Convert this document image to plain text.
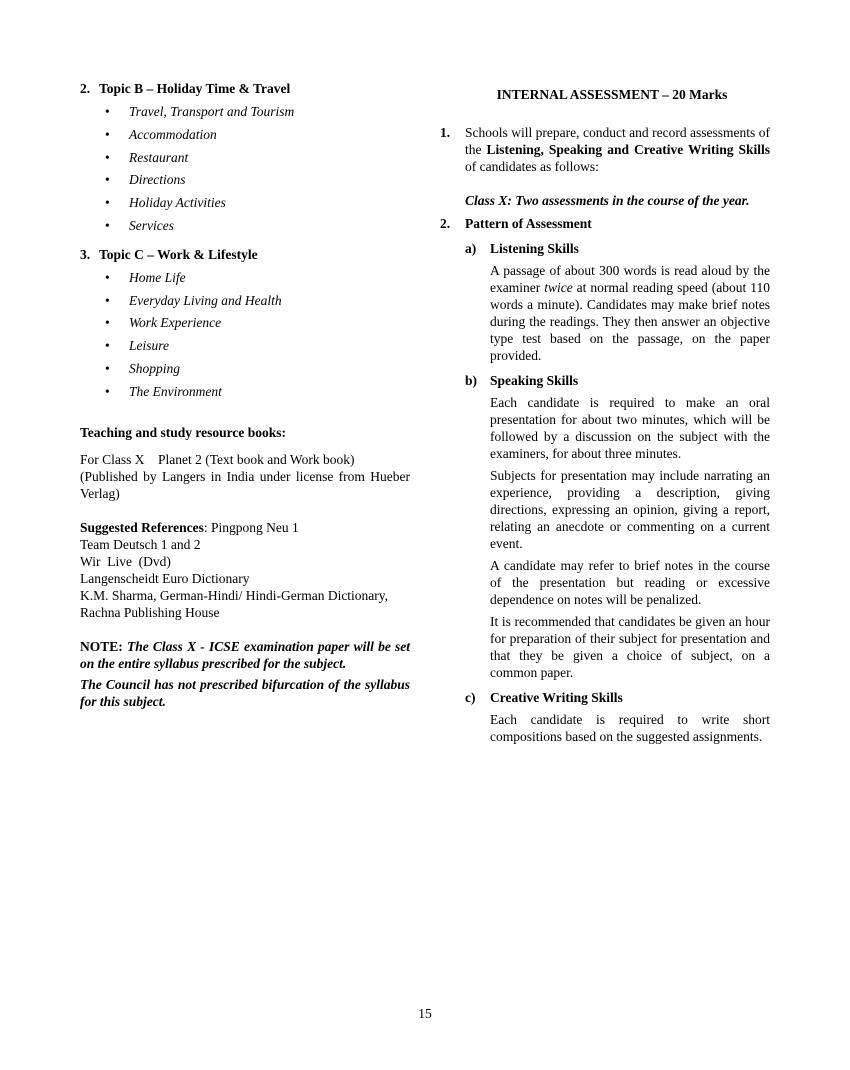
2. Topic B – Holiday Time & Travel
• Travel, Transport and Tourism
• Accommodation
• Restaurant
• Directions
• Holiday Activities
• Services
3. Topic C – Work & Lifestyle
• Home Life
• Everyday Living and Health
• Work Experience
• Leisure
• Shopping
• The Environment

Teaching and study resource books:

For Class X    Planet 2 (Text book and Work book)

(Published by Langers in India under license from Hueber Verlag)

Suggested References: Pingpong Neu 1

Team Deutsch 1 and 2

Wir  Live  (Dvd)

Langenscheidt Euro Dictionary

K.M. Sharma, German-Hindi/ Hindi-German Dictionary, Rachna Publishing House

NOTE: The Class X - ICSE examination paper will be set on the entire syllabus prescribed for the subject.

The Council has not prescribed bifurcation of the syllabus for this subject.

INTERNAL ASSESSMENT – 20 Marks
1. Schools will prepare, conduct and record assessments of the Listening, Speaking and Creative Writing Skills of candidates as follows:

Class X: Two assessments in the course of the year.

2. Pattern of Assessment
a) Listening Skills

A passage of about 300 words is read aloud by the examiner twice at normal reading speed (about 110 words a minute). Candidates may make brief notes during the readings. They then answer an objective type test based on the passage, on the paper provided.

b) Speaking Skills

Each candidate is required to make an oral presentation for about two minutes, which will be followed by a discussion on the subject with the examiners, for about three minutes.

Subjects for presentation may include narrating an experience, providing a description, giving directions, expressing an opinion, giving a report, relating an anecdote or commenting on a current event.

A candidate may refer to brief notes in the course of the presentation but reading or excessive dependence on notes will be penalized.

It is recommended that candidates be given an hour for preparation of their subject for presentation and that they be given a choice of subject, on a common paper.

c) Creative Writing Skills

Each candidate is required to write short compositions based on the suggested assignments.

15
